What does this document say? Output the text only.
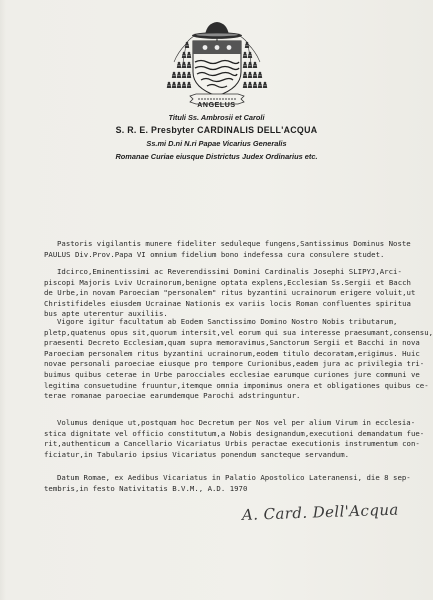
ANGELUS
Tituli Ss. Ambrosii et Caroli
S. R. E. Presbyter CARDINALIS DELL'ACQUA
Ss.mi D.ni N.ri Papae Vicarius Generalis
Romanae Curiae eiusque Districtus Judex Ordinarius etc.
Pastoris vigilantis munere fideliter seduleque fungens,Santissimus Dominus Noste
PAULUS Div.Prov.Papa VI omnium fidelium bono indefessa cura consulere studet.
Idcirco,Eminentissimi ac Reverendissimi Domini Cardinalis Josephi SLIPYJ,Arci-
piscopi Majoris Lviv Ucrainorum,benigne optata explens,Ecclesiam Ss.Sergii et Bacch
de Urbe,in novam Paroeciam "personalem" ritus byzantini ucrainorum erigere voluit,ut
Christifideles eiusdem Ucrainae Nationis ex variis locis Roman confluentes spiritua
bus apte uterentur auxiliis.
Vigore igitur facultatum ab Eodem Sanctissimo Domino Nostro Nobis tributarum,
pletp,quatenus opus sit,quorum intersit,vel eorum qui sua interesse praesumant,consensu,
praesenti Decreto Ecclesiam,quam supra memoravimus,Sanctorum Sergii et Bacchi in nova
Paroeciam personalem ritus byzantini ucrainorum,eodem titulo decoratam,erigimus. Huic
novae personali paroeciae eiusque pro tempore Curionibus,eadem jura ac privilegia tri-
buimus quibus ceterae in Urbe parocciales ecclesiae earumque curiones jure communi ve
legitima consuetudine fruuntur,itemque omnia impomimus onera et obligationes quibus ce-
terae romanae paroeciae earumdemque Parochi adstringuntur.
Volumus denique ut,postquam hoc Decretum per Nos vel per alium Virum in ecclesia-
stica dignitate vel officio constitutum,a Nobis designandum,executioni demandatum fue-
rit,authenticum a Cancellario Vicariatus Urbis peractae executionis instrumentum con-
ficiatur,in Tabulario ipsius Vicariatus ponendum sancteque servandum.
Datum Romae, ex Aedibus Vicariatus in Palatio Apostolico Lateranensi, die 8 sep-
tembris,in festo Nativitatis B.V.M., A.D. 1970
A. Card. Dell'Acqua
